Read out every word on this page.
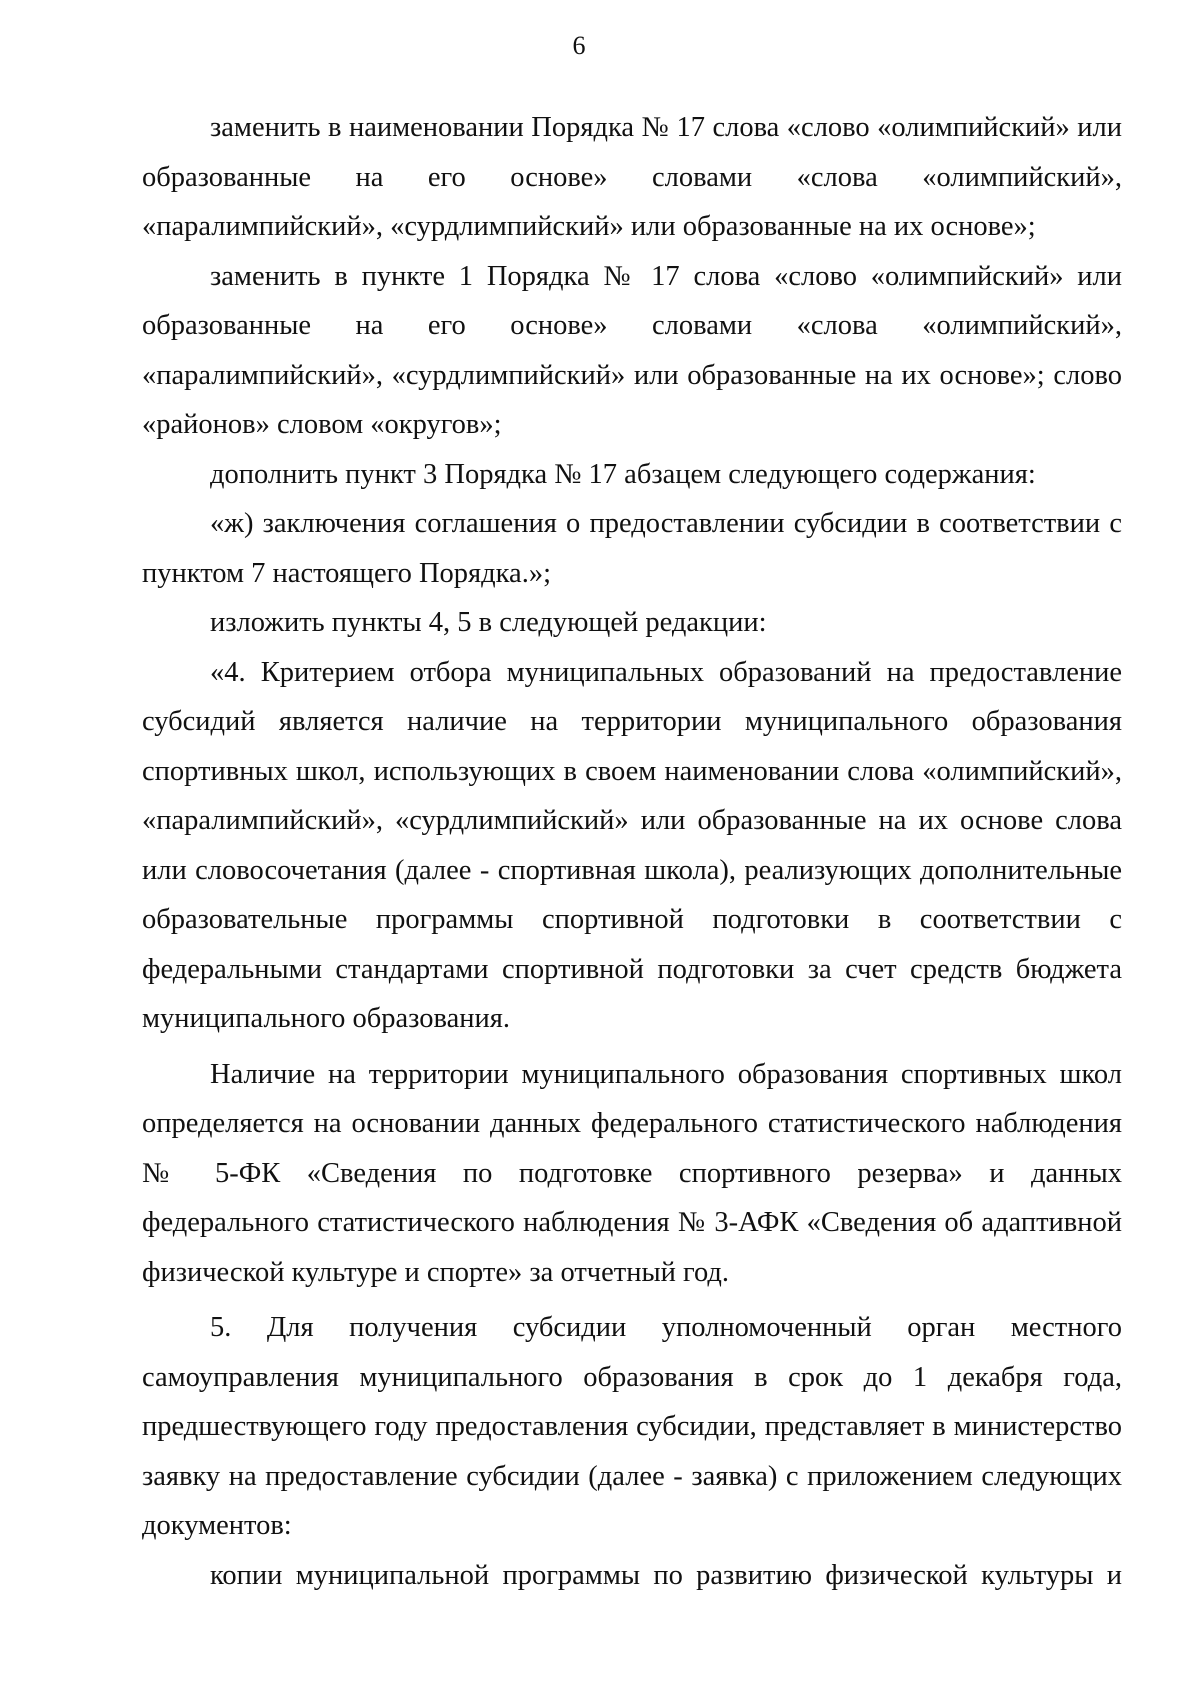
6
заменить в наименовании Порядка № 17 слова «слово «олимпийский» или
образованные на его основе» словами «слова «олимпийский»,
«паралимпийский», «сурдлимпийский» или образованные на их основе»;
заменить в пункте 1 Порядка № 17 слова «слово «олимпийский» или
образованные на его основе» словами «слова «олимпийский»,
«паралимпийский», «сурдлимпийский» или образованные на их основе»; слово
«районов» словом «округов»;
дополнить пункт 3 Порядка № 17 абзацем следующего содержания:
«ж) заключения соглашения о предоставлении субсидии в соответствии с
пунктом 7 настоящего Порядка.»;
изложить пункты 4, 5 в следующей редакции:
«4. Критерием отбора муниципальных образований на предоставление
субсидий является наличие на территории муниципального образования
спортивных школ, использующих в своем наименовании слова «олимпийский»,
«паралимпийский», «сурдлимпийский» или образованные на их основе слова
или словосочетания (далее - спортивная школа), реализующих дополнительные
образовательные программы спортивной подготовки в соответствии с
федеральными стандартами спортивной подготовки за счет средств бюджета
муниципального образования.
Наличие на территории муниципального образования спортивных школ
определяется на основании данных федерального статистического наблюдения
№ 5-ФК «Сведения по подготовке спортивного резерва» и данных
федерального статистического наблюдения № 3-АФК «Сведения об адаптивной
физической культуре и спорте» за отчетный год.
5. Для получения субсидии уполномоченный орган местного
самоуправления муниципального образования в срок до 1 декабря года,
предшествующего году предоставления субсидии, представляет в министерство
заявку на предоставление субсидии (далее - заявка) с приложением следующих
документов:
копии муниципальной программы по развитию физической культуры и
